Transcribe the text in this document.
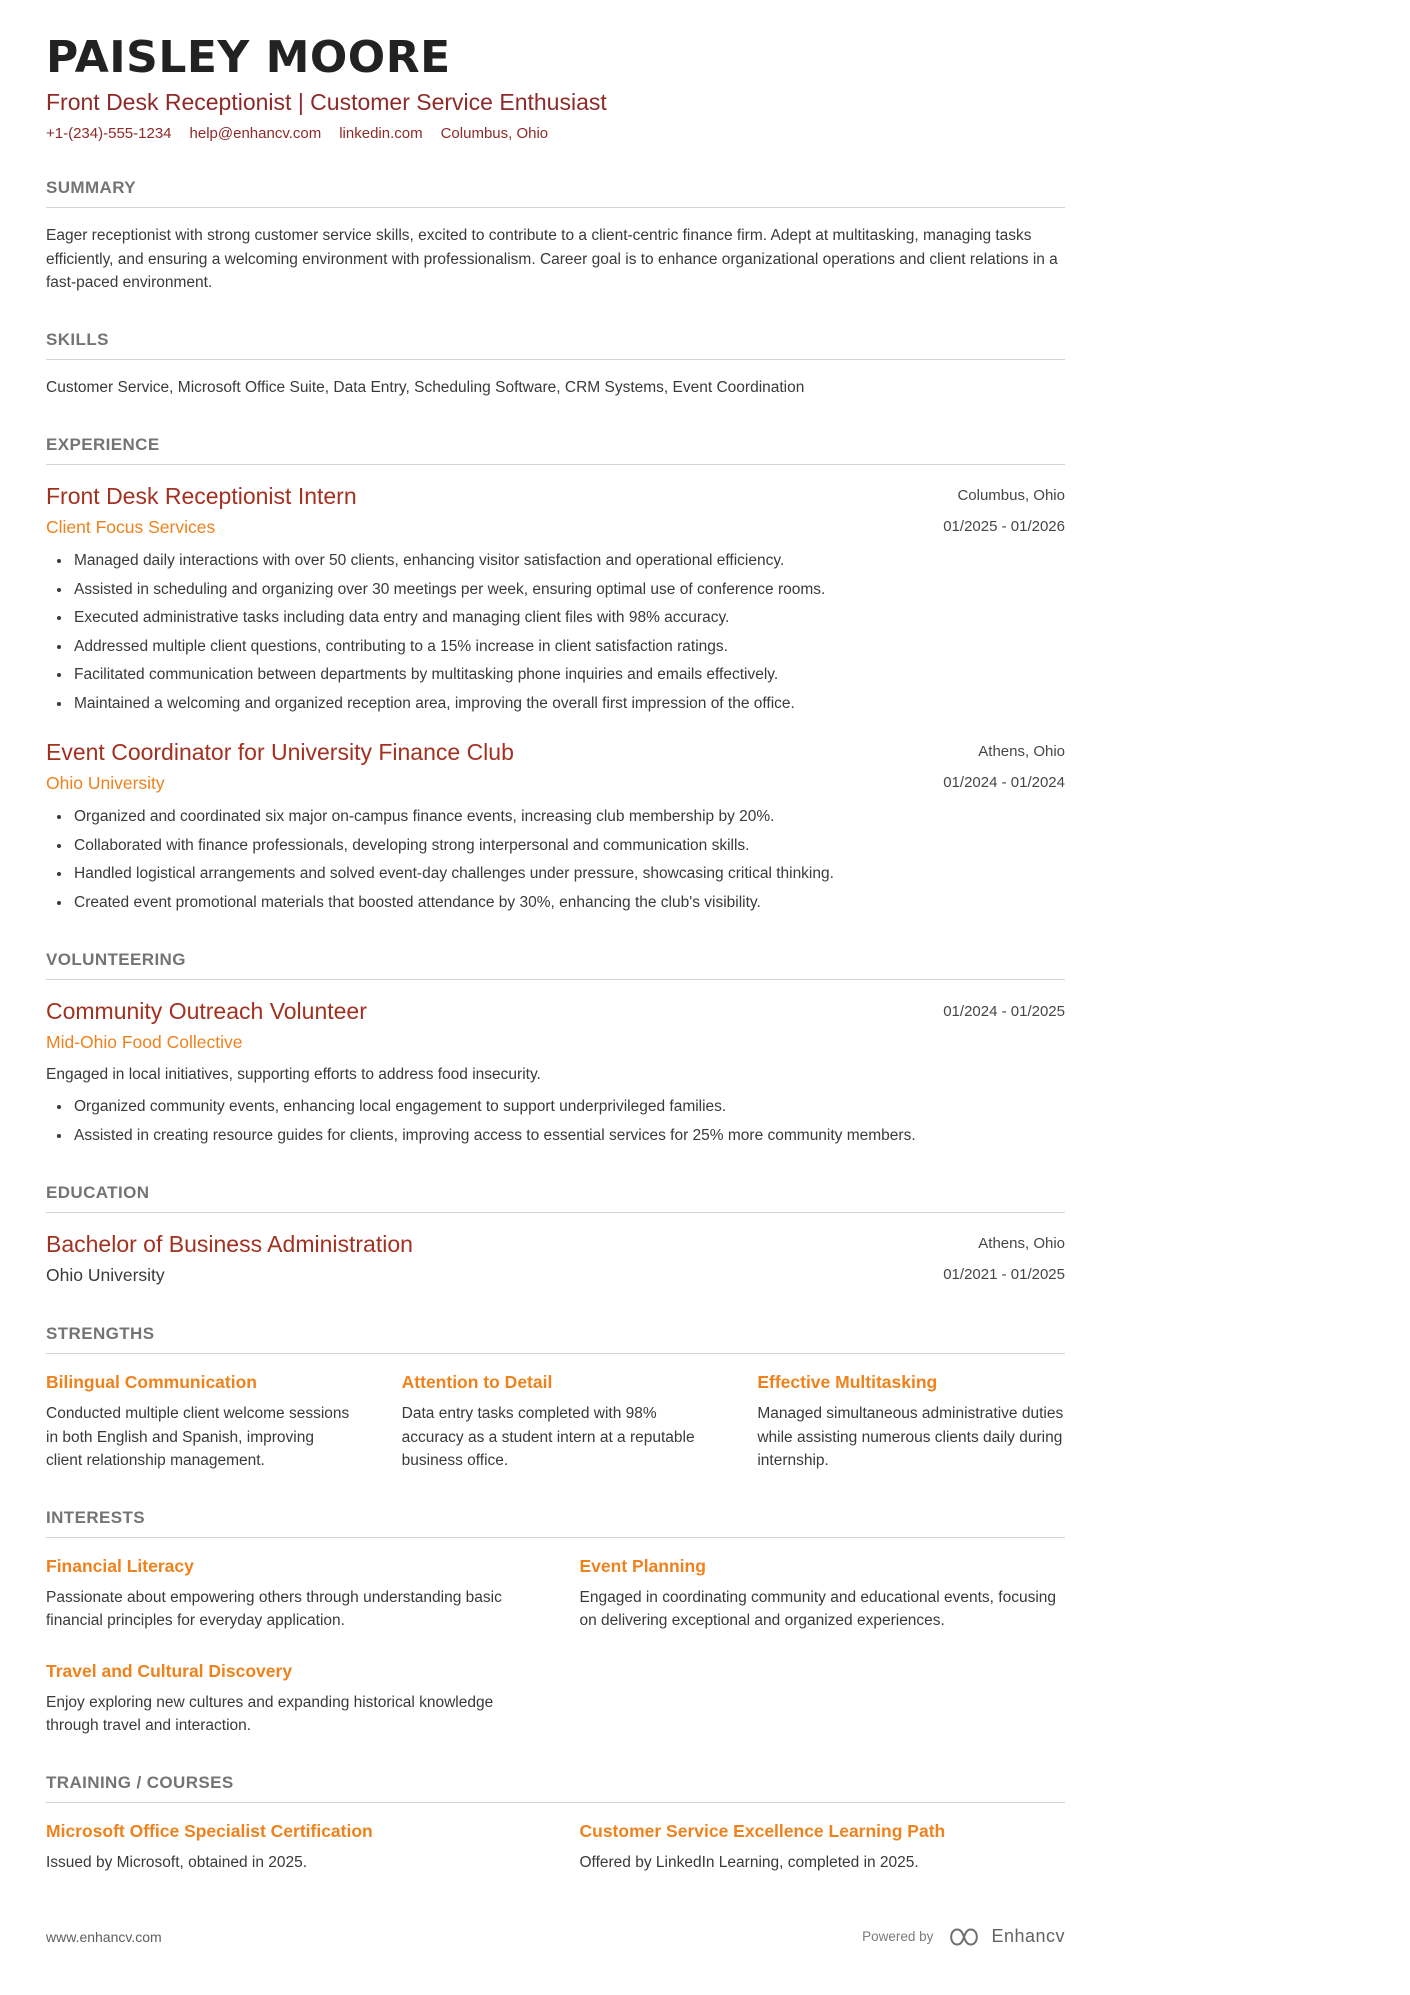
PAISLEY MOORE
Front Desk Receptionist | Customer Service Enthusiast
+1-(234)-555-1234 help@enhancv.com linkedin.com Columbus, Ohio
SUMMARY
Eager receptionist with strong customer service skills, excited to contribute to a client-centric finance firm. Adept at multitasking, managing tasks efficiently, and ensuring a welcoming environment with professionalism. Career goal is to enhance organizational operations and client relations in a fast-paced environment.
SKILLS
Customer Service, Microsoft Office Suite, Data Entry, Scheduling Software, CRM Systems, Event Coordination
EXPERIENCE
Front Desk Receptionist Intern
Client Focus Services
Columbus, Ohio
01/2025 - 01/2026
• Managed daily interactions with over 50 clients, enhancing visitor satisfaction and operational efficiency.
• Assisted in scheduling and organizing over 30 meetings per week, ensuring optimal use of conference rooms.
• Executed administrative tasks including data entry and managing client files with 98% accuracy.
• Addressed multiple client questions, contributing to a 15% increase in client satisfaction ratings.
• Facilitated communication between departments by multitasking phone inquiries and emails effectively.
• Maintained a welcoming and organized reception area, improving the overall first impression of the office.
Event Coordinator for University Finance Club
Ohio University
Athens, Ohio
01/2024 - 01/2024
• Organized and coordinated six major on-campus finance events, increasing club membership by 20%.
• Collaborated with finance professionals, developing strong interpersonal and communication skills.
• Handled logistical arrangements and solved event-day challenges under pressure, showcasing critical thinking.
• Created event promotional materials that boosted attendance by 30%, enhancing the club's visibility.
VOLUNTEERING
Community Outreach Volunteer
Mid-Ohio Food Collective
01/2024 - 01/2025
Engaged in local initiatives, supporting efforts to address food insecurity.
• Organized community events, enhancing local engagement to support underprivileged families.
• Assisted in creating resource guides for clients, improving access to essential services for 25% more community members.
EDUCATION
Bachelor of Business Administration
Ohio University
Athens, Ohio
01/2021 - 01/2025
STRENGTHS
Bilingual Communication
Conducted multiple client welcome sessions in both English and Spanish, improving client relationship management.
Attention to Detail
Data entry tasks completed with 98% accuracy as a student intern at a reputable business office.
Effective Multitasking
Managed simultaneous administrative duties while assisting numerous clients daily during internship.
INTERESTS
Financial Literacy
Passionate about empowering others through understanding basic financial principles for everyday application.
Event Planning
Engaged in coordinating community and educational events, focusing on delivering exceptional and organized experiences.
Travel and Cultural Discovery
Enjoy exploring new cultures and expanding historical knowledge through travel and interaction.
TRAINING / COURSES
Microsoft Office Specialist Certification
Issued by Microsoft, obtained in 2025.
Customer Service Excellence Learning Path
Offered by LinkedIn Learning, completed in 2025.
www.enhancv.com	Powered by	Enhancv
